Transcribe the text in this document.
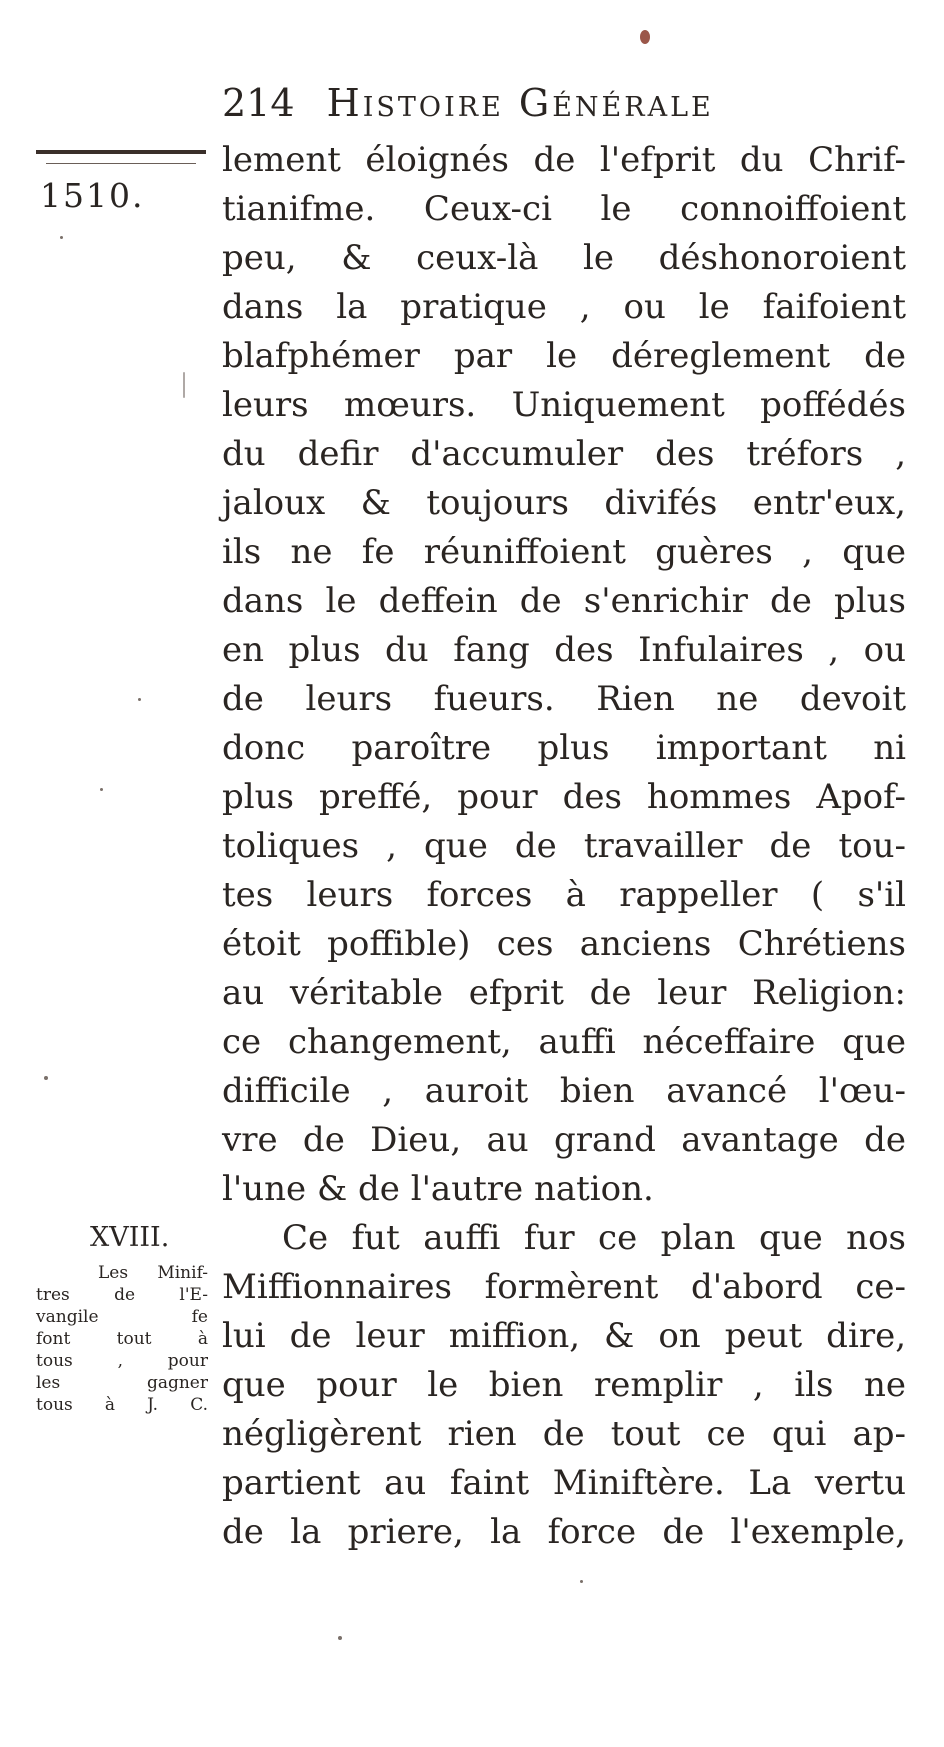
214 Histoire Générale
1510.
lement éloignés de l'efprit du Chrif-
tianifme. Ceux-ci le connoiffoient
peu, & ceux-là le déshonoroient
dans la pratique , ou le faifoient
blafphémer par le déreglement de
leurs mœurs. Uniquement poffédés
du defir d'accumuler des tréfors ,
jaloux & toujours divifés entr'eux,
ils ne fe réuniffoient guères , que
dans le deffein de s'enrichir de plus
en plus du fang des Infulaires , ou
de leurs fueurs. Rien ne devoit
donc paroître plus important ni
plus preffé, pour des hommes Apof-
toliques , que de travailler de tou-
tes leurs forces à rappeller ( s'il
étoit poffible) ces anciens Chrétiens
au véritable efprit de leur Religion:
ce changement, auffi néceffaire que
difficile , auroit bien avancé l'œu-
vre de Dieu, au grand avantage de
l'une & de l'autre nation.
Ce fut auffi fur ce plan que nos
Miffionnaires formèrent d'abord ce-
lui de leur miffion, & on peut dire,
que pour le bien remplir , ils ne
négligèrent rien de tout ce qui ap-
partient au faint Miniftère. La vertu
de la priere, la force de l'exemple,
XVIII.
Les Minif-
tres de l'E-
vangile fe
font tout à
tous , pour
les gagner
tous à J. C.
